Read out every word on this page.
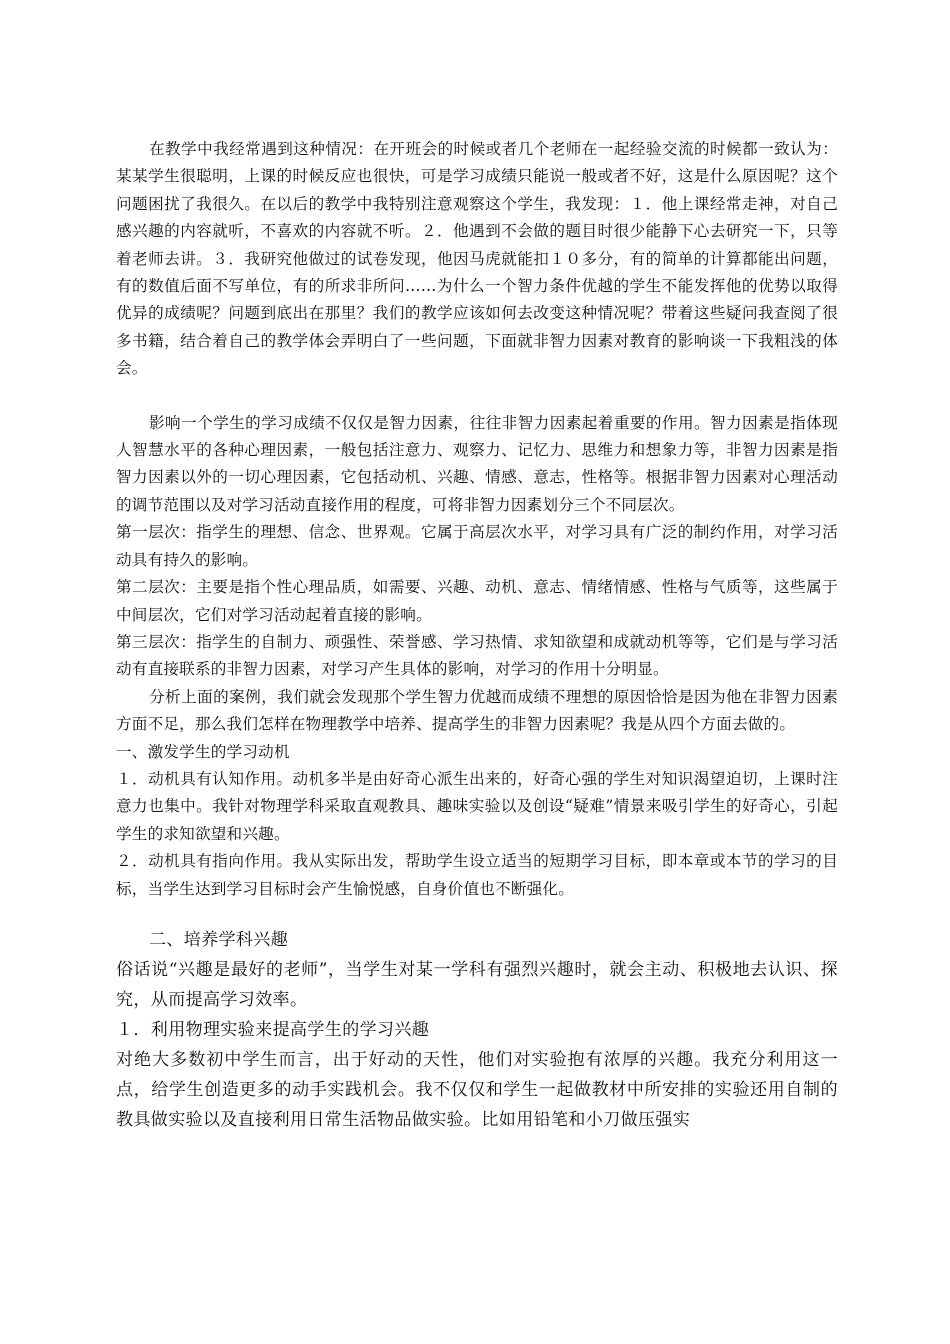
在教学中我经常遇到这种情况：在开班会的时候或者几个老师在一起经验交流的时候都一致认为：某某学生很聪明，上课的时候反应也很快，可是学习成绩只能说一般或者不好，这是什么原因呢？这个问题困扰了我很久。在以后的教学中我特别注意观察这个学生，我发现：１．他上课经常走神，对自己感兴趣的内容就听，不喜欢的内容就不听。２．他遇到不会做的题目时很少能静下心去研究一下，只等着老师去讲。３．我研究他做过的试卷发现，他因马虎就能扣１０多分，有的简单的计算都能出问题，有的数值后面不写单位，有的所求非所问……为什么一个智力条件优越的学生不能发挥他的优势以取得优异的成绩呢？问题到底出在那里？我们的教学应该如何去改变这种情况呢？带着这些疑问我查阅了很多书籍，结合着自己的教学体会弄明白了一些问题，下面就非智力因素对教育的影响谈一下我粗浅的体会。

影响一个学生的学习成绩不仅仅是智力因素，往往非智力因素起着重要的作用。智力因素是指体现人智慧水平的各种心理因素，一般包括注意力、观察力、记忆力、思维力和想象力等，非智力因素是指智力因素以外的一切心理因素，它包括动机、兴趣、情感、意志，性格等。根据非智力因素对心理活动的调节范围以及对学习活动直接作用的程度，可将非智力因素划分三个不同层次。

第一层次：指学生的理想、信念、世界观。它属于高层次水平，对学习具有广泛的制约作用，对学习活动具有持久的影响。

第二层次：主要是指个性心理品质，如需要、兴趣、动机、意志、情绪情感、性格与气质等，这些属于中间层次，它们对学习活动起着直接的影响。

第三层次：指学生的自制力、顽强性、荣誉感、学习热情、求知欲望和成就动机等等，它们是与学习活动有直接联系的非智力因素，对学习产生具体的影响，对学习的作用十分明显。

分析上面的案例，我们就会发现那个学生智力优越而成绩不理想的原因恰恰是因为他在非智力因素方面不足，那么我们怎样在物理教学中培养、提高学生的非智力因素呢？我是从四个方面去做的。

一、激发学生的学习动机

１．动机具有认知作用。动机多半是由好奇心派生出来的，好奇心强的学生对知识渴望迫切，上课时注意力也集中。我针对物理学科采取直观教具、趣味实验以及创设“疑难”情景来吸引学生的好奇心，引起学生的求知欲望和兴趣。

２．动机具有指向作用。我从实际出发，帮助学生设立适当的短期学习目标，即本章或本节的学习的目标，当学生达到学习目标时会产生愉悦感，自身价值也不断强化。

二、培养学科兴趣

俗话说“兴趣是最好的老师”，当学生对某一学科有强烈兴趣时，就会主动、积极地去认识、探究，从而提高学习效率。

１．利用物理实验来提高学生的学习兴趣

对绝大多数初中学生而言，出于好动的天性，他们对实验抱有浓厚的兴趣。我充分利用这一点，给学生创造更多的动手实践机会。我不仅仅和学生一起做教材中所安排的实验还用自制的教具做实验以及直接利用日常生活物品做实验。比如用铅笔和小刀做压强实
